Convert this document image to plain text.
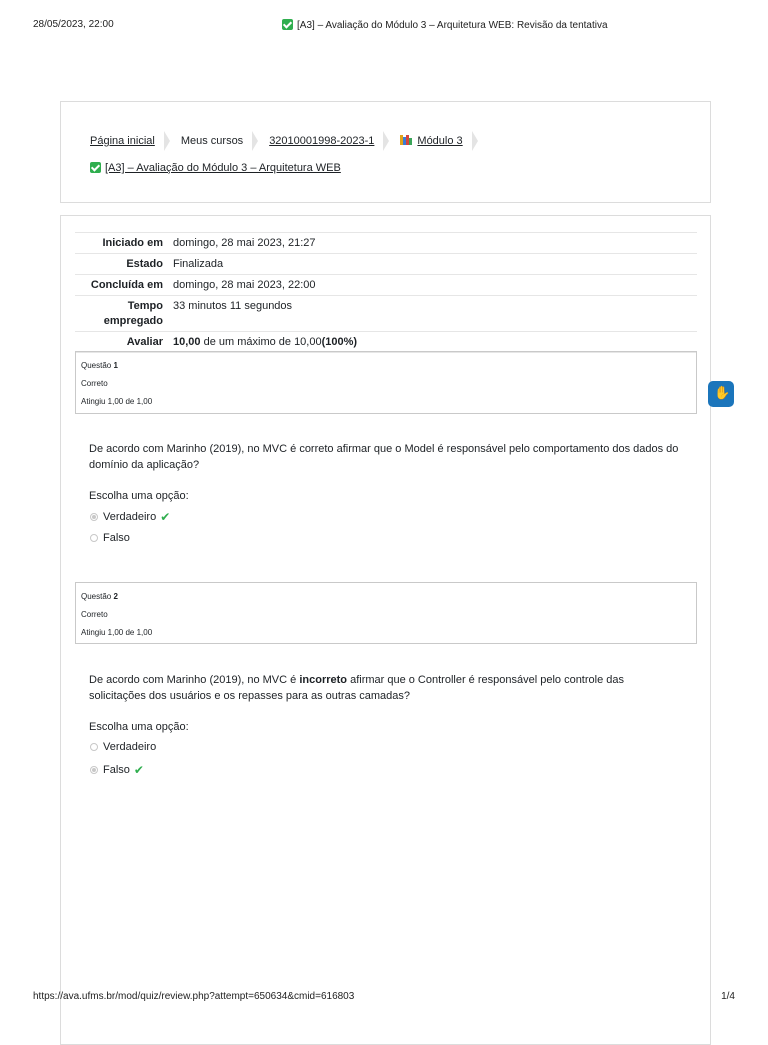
28/05/2023, 22:00	[A3] – Avaliação do Módulo 3 – Arquitetura WEB: Revisão da tentativa
Página inicial Meus cursos 32010001998-2023-1	Módulo 3
[A3] – Avaliação do Módulo 3 – Arquitetura WEB
Iniciado em domingo, 28 mai 2023, 21:27
Estado Finalizada
Concluída em domingo, 28 mai 2023, 22:00
Tempo empregado
33 minutos 11 segundos
Avaliar 10,00 de um máximo de 10,00(100%)
Questão 1
Correto
Atingiu 1,00 de 1,00
De acordo com Marinho (2019), no MVC é correto afirmar que o Model é responsável pelo comportamento dos dados do domínio da aplicação?
Escolha uma opção:
Verdadeiro ✔
Falso
Questão 2
Correto
Atingiu 1,00 de 1,00
De acordo com Marinho (2019), no MVC é incorreto afirmar que o Controller é responsável pelo controle das solicitações dos usuários e os repasses para as outras camadas?
Escolha uma opção:
Verdadeiro
Falso ✔
✋
https://ava.ufms.br/mod/quiz/review.php?attempt=650634&cmid=616803	1/4
